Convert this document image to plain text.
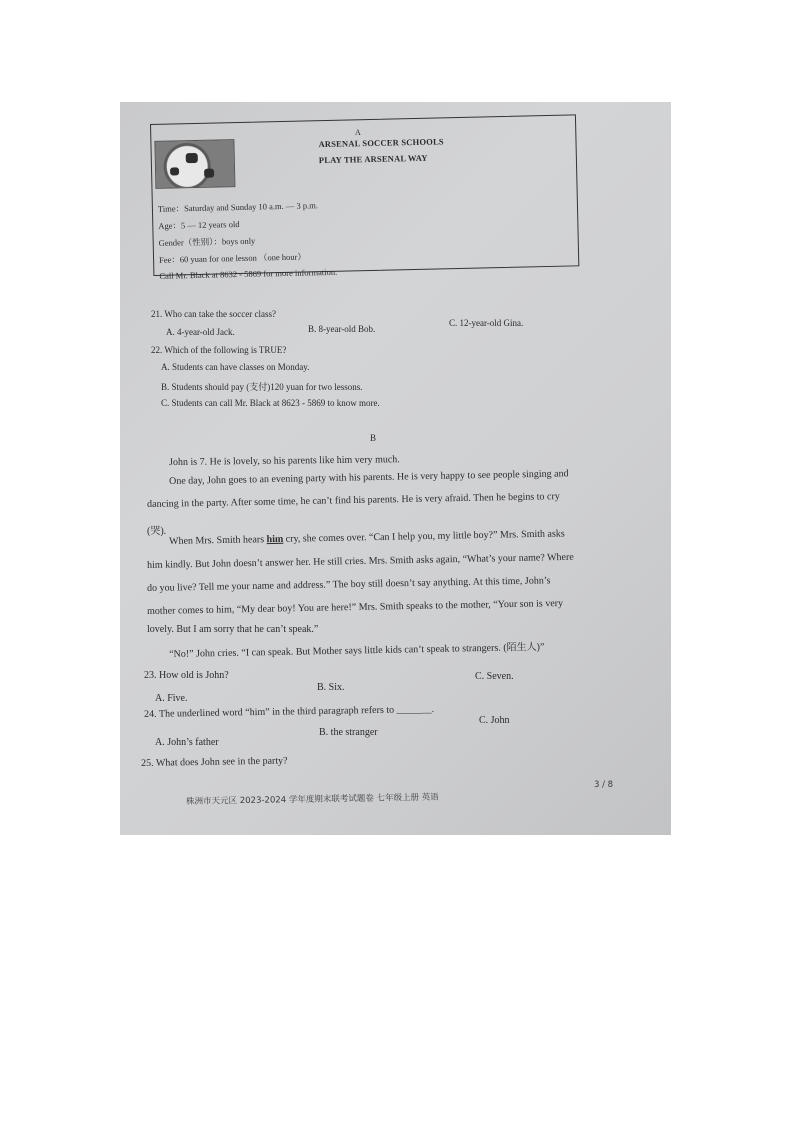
A
ARSENAL SOCCER SCHOOLS
PLAY THE ARSENAL WAY
Time：Saturday and Sunday 10 a.m. — 3 p.m.
Age：5 — 12 years old
Gender（性别）：boys only
Fee：60 yuan for one lesson （one hour）
Call Mr. Black at 8632 - 5869 for more information.
21. Who can take the soccer class?
A. 4-year-old Jack.	B. 8-year-old Bob.
C. 12-year-old Gina.
22. Which of the following is TRUE?
A. Students can have classes on Monday.
B. Students should pay (支付)120 yuan for two lessons.
C. Students can call Mr. Black at 8623 - 5869 to know more.
B
John is 7. He is lovely, so his parents like him very much.
One day, John goes to an evening party with his parents. He is very happy to see people singing and
dancing in the party. After some time, he can’t find his parents. He is very afraid. Then he begins to cry
(哭).
When Mrs. Smith hears him cry, she comes over. “Can I help you, my little boy?” Mrs. Smith asks
him kindly. But John doesn’t answer her. He still cries. Mrs. Smith asks again, “What’s your name? Where
do you live? Tell me your name and address.” The boy still doesn’t say anything. At this time, John’s
mother comes to him, “My dear boy! You are here!” Mrs. Smith speaks to the mother, “Your son is very
lovely. But I am sorry that he can’t speak.”
“No!” John cries. “I can speak. But Mother says little kids can’t speak to strangers. (陌生人)”
23. How old is John?
A. Five.
B. Six.
C. Seven.
24. The underlined word “him” in the third paragraph refers to _______.
A. John’s father
B. the stranger
C. John
25. What does John see in the party?
3 / 8
株洲市天元区 2023-2024 学年度期末联考试题卷 七年级上册 英语
